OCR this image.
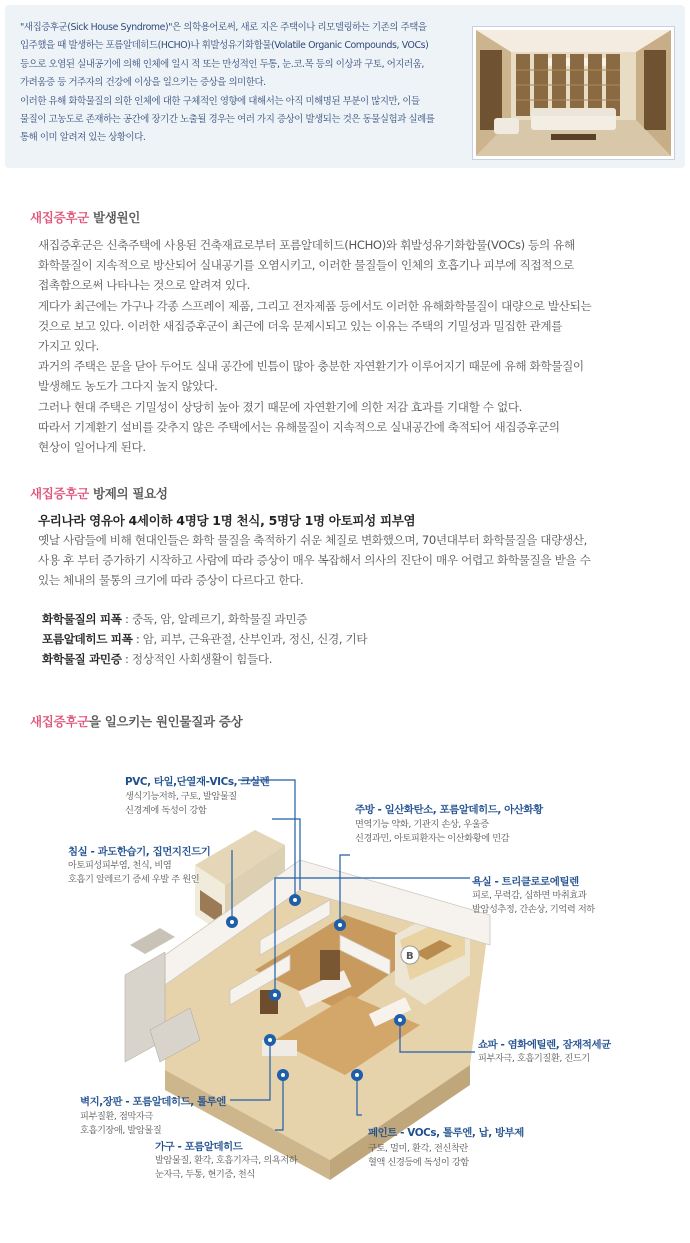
"새집증후군(Sick House Syndrome)"은 의학용어로써, 새로 지은 주택이나 리모델링하는 기존의 주택을

입주했을 때 발생하는 포름알데히드(HCHO)나 휘발성유기화합물(Volatile Organic Compounds, VOCs)

등으로 오염된 실내공기에 의해 인체에 일시 적 또는 만성적인 두통, 눈.코.목 등의 이상과 구토, 어지러움,

가려움증 등 거주자의 건강에 이상을 일으키는 증상을 의미한다.

이러한 유해 화학물질의 의한 인체에 대한 구체적인 영향에 대해서는 아직 미해명된 부분이 많지만, 이들

물질이 고농도로 존재하는 공간에 장기간 노출될 경우는 여러 가지 증상이 발생되는 것은 동물실험과 실례를

통해 이미 알려져 있는 상황이다.

새집증후군 발생원인

새집증후군은 신축주택에 사용된 건축재료로부터 포름알데히드(HCHO)와 휘발성유기화합물(VOCs) 등의 유해

화학물질이 지속적으로 방산되어 실내공기를 오염시키고, 이러한 물질들이 인체의 호흡기나 피부에 직접적으로

접촉함으로써 나타나는 것으로 알려져 있다.

게다가 최근에는 가구나 각종 스프레이 제품, 그리고 전자제품 등에서도 이러한 유해화학물질이 대량으로 발산되는

것으로 보고 있다. 이러한 새집증후군이 최근에 더욱 문제시되고 있는 이유는 주택의 기밀성과 밀집한 관계를

가지고 있다.

과거의 주택은 문을 닫아 두어도 실내 공간에 빈틈이 많아 충분한 자연환기가 이루어지기 때문에 유해 화학물질이

발생해도 농도가 그다지 높지 않았다.

그러나 현대 주택은 기밀성이 상당히 높아 졌기 때문에 자연환기에 의한 저감 효과를 기대할 수 없다.

따라서 기계환기 설비를 갖추지 않은 주택에서는 유해물질이 지속적으로 실내공간에 축적되어 새집증후군의

현상이 일어나게 된다.

새집증후군 방제의 필요성
우리나라 영유아 4세이하 4명당 1명 천식, 5명당 1명 아토피성 피부염

옛날 사람들에 비해 현대인들은 화학 물질을 축적하기 쉬운 체질로 변화했으며, 70년대부터 화학물질을 대량생산,

사용 후 부터 증가하기 시작하고 사람에 따라 증상이 매우 복잡해서 의사의 진단이 매우 어렵고 화학물질을 받을 수

있는 체내의 물통의 크기에 따라 증상이 다르다고 한다.

화학물질의 피폭 : 중독, 암, 알레르기, 화학물질 과민증
포름알데히드 피폭 : 암, 피부, 근육관절, 산부인과, 정신, 신경, 기타
화학물질 과민증 : 정상적인 사회생활이 힘들다.
새집증후군을 일으키는 원인물질과 증상
B
PVC, 타일,단열재-VICs, 크실렌
생식기능저하, 구토, 발암물질
신경계에 독성이 강함	주방 - 일산화탄소, 포름알데히드, 아산화황
면역기능 약화, 기관지 손상, 우울증
신경과민, 아토피환자는 이산화황에 민감
침실 - 과도한습기, 집먼지진드기
아토피성피부염, 천식, 비염
호흡기 알레르기 증세 우발 주 원인	욕실 - 트리클로로에틸렌
피로, 무력감, 심하면 마취효과
발암성추정, 간손상, 기억력 저하
쇼파 - 염화에틸렌, 잠재적세균
피부자극, 호흡기질환, 진드기
벽지,장판 - 포름알데히드, 톨루엔
피부질환, 점막자극
호흡기장애, 발암물질
가구 - 포름알데히드
발암물질, 환각, 호흡기자극, 의욕저하
눈자극, 두통, 현기증, 천식
페인트 - VOCs, 톨루엔, 납, 방부제
구토, 멀미, 환각, 전신착란
혈액 신경등에 독성이 강함
